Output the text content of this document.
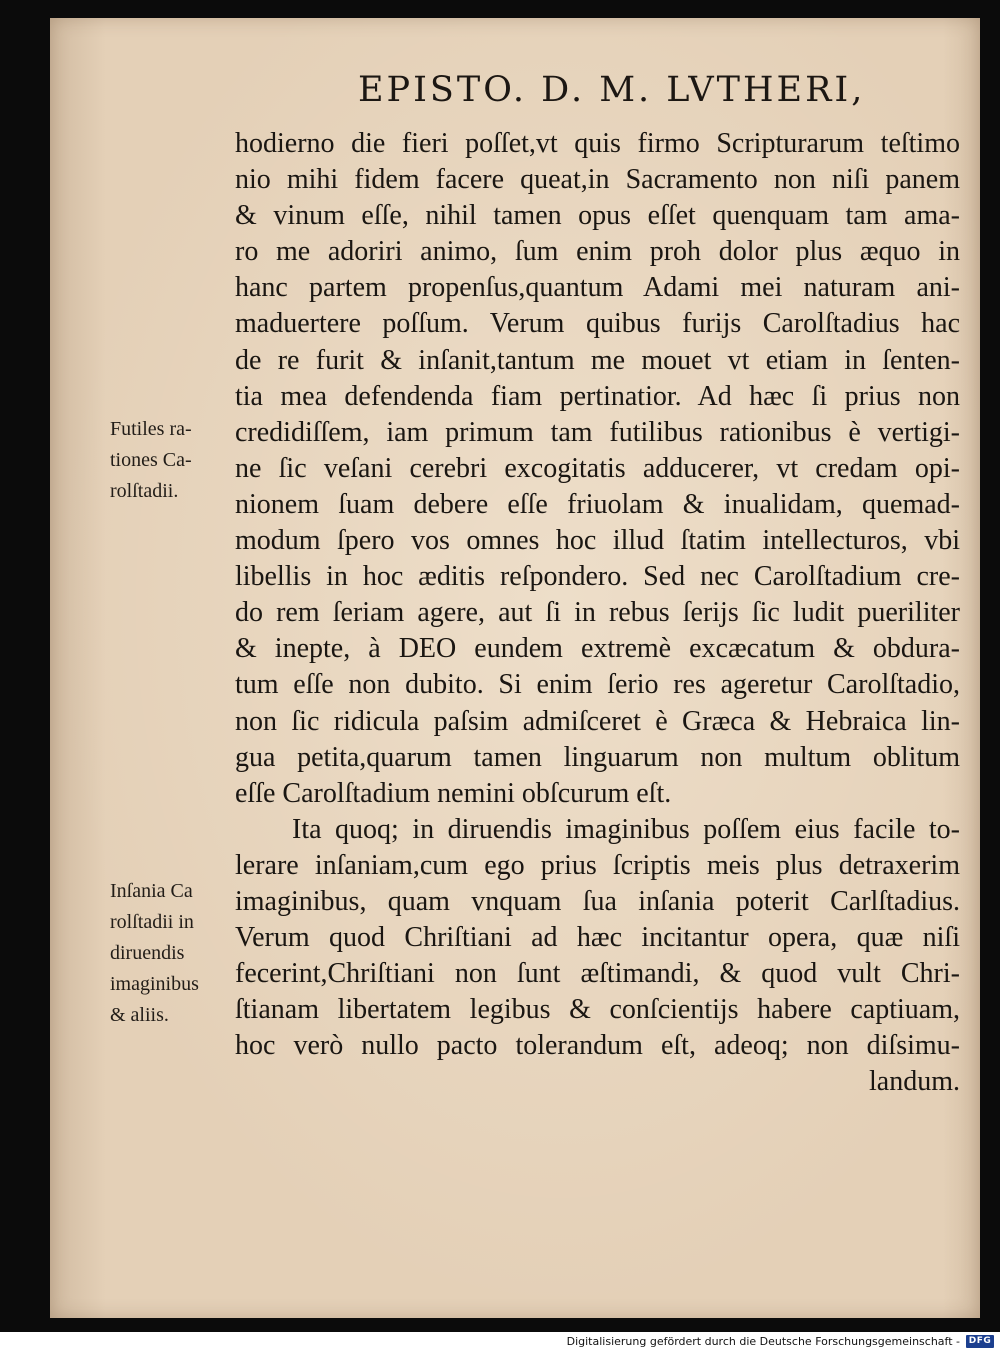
EPISTO. D. M. LVTHERI,
Futiles ra-
tiones Ca-
rolſtadii.
Inſania Ca
rolſtadii in
diruendis
imaginibus
& aliis.
hodierno die fieri poſſet,vt quis firmo Scripturarum teſtimo
nio mihi fidem facere queat,in Sacramento non niſi panem
& vinum eſſe, nihil tamen opus eſſet quenquam tam ama-
ro me adoriri animo, ſum enim proh dolor plus æquo in
hanc partem propenſus,quantum Adami mei naturam ani-
maduertere poſſum. Verum quibus furijs Carolſtadius hac
de re furit & inſanit,tantum me mouet vt etiam in ſenten-
tia mea defendenda fiam pertinatior. Ad hæc ſi prius non
credidiſſem, iam primum tam futilibus rationibus è vertigi-
ne ſic veſani cerebri excogitatis adducerer, vt credam opi-
nionem ſuam debere eſſe friuolam & inualidam, quemad-
modum ſpero vos omnes hoc illud ſtatim intellecturos, vbi
libellis in hoc æditis reſpondero. Sed nec Carolſtadium cre-
do rem ſeriam agere, aut ſi in rebus ſerijs ſic ludit pueriliter
& inepte, à DEO eundem extremè excæcatum & obdura-
tum eſſe non dubito. Si enim ſerio res ageretur Carolſtadio,
non ſic ridicula paſsim admiſceret è Græca & Hebraica lin-
gua petita,quarum tamen linguarum non multum oblitum
eſſe Carolſtadium nemini obſcurum eſt.
Ita quoq; in diruendis imaginibus poſſem eius facile to-
lerare inſaniam,cum ego prius ſcriptis meis plus detraxerim
imaginibus, quam vnquam ſua inſania poterit Carlſtadius.
Verum quod Chriſtiani ad hæc incitantur opera, quæ niſi
fecerint,Chriſtiani non ſunt æſtimandi, & quod vult Chri-
ſtianam libertatem legibus & conſcientijs habere captiuam,
hoc verò nullo pacto tolerandum eſt, adeoq; non diſsimu-
landum.
Digitalisierung gefördert durch die Deutsche Forschungsgemeinschaft - DFG
